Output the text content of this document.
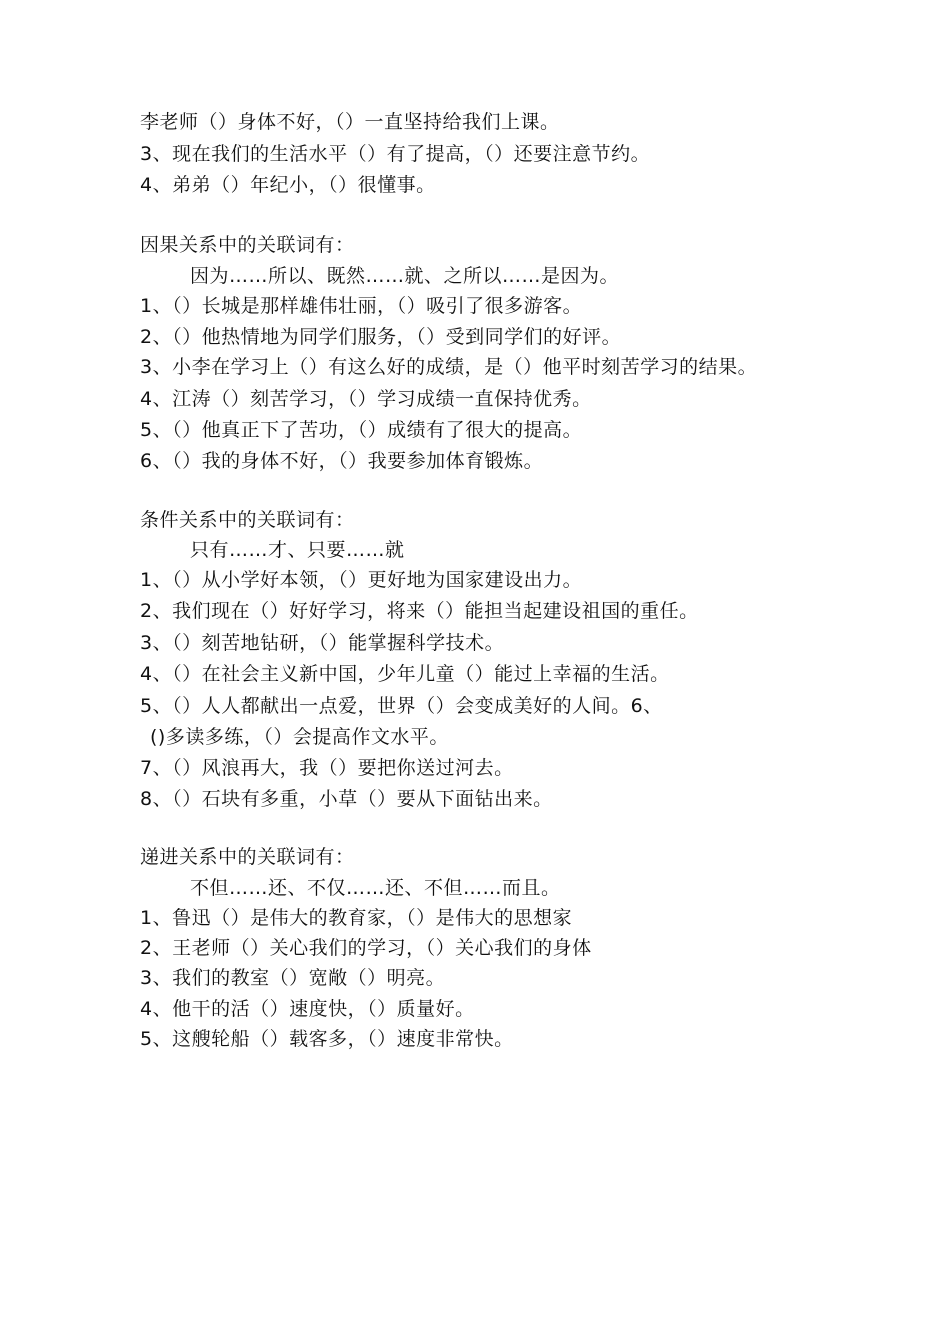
李老师（）身体不好，（）一直坚持给我们上课。
3、现在我们的生活水平（）有了提高，（）还要注意节约。
4、弟弟（）年纪小，（）很懂事。
因果关系中的关联词有：
因为……所以、既然……就、之所以……是因为。
1、（）长城是那样雄伟壮丽，（）吸引了很多游客。
2、（）他热情地为同学们服务，（）受到同学们的好评。
3、小李在学习上（）有这么好的成绩，是（）他平时刻苦学习的结果。
4、江涛（）刻苦学习，（）学习成绩一直保持优秀。
5、（）他真正下了苦功，（）成绩有了很大的提高。
6、（）我的身体不好，（）我要参加体育锻炼。
条件关系中的关联词有：
只有……才、只要……就
1、（）从小学好本领，（）更好地为国家建设出力。
2、我们现在（）好好学习，将来（）能担当起建设祖国的重任。
3、（）刻苦地钻研，（）能掌握科学技术。
4、（）在社会主义新中国，少年儿童（）能过上幸福的生活。
5、（）人人都献出一点爱，世界（）会变成美好的人间。6、
()多读多练，（）会提高作文水平。
7、（）风浪再大，我（）要把你送过河去。
8、（）石块有多重，小草（）要从下面钻出来。
递进关系中的关联词有：
不但……还、不仅……还、不但……而且。
1、鲁迅（）是伟大的教育家，（）是伟大的思想家
2、王老师（）关心我们的学习，（）关心我们的身体
3、我们的教室（）宽敞（）明亮。
4、他干的活（）速度快，（）质量好。
5、这艘轮船（）载客多，（）速度非常快。
